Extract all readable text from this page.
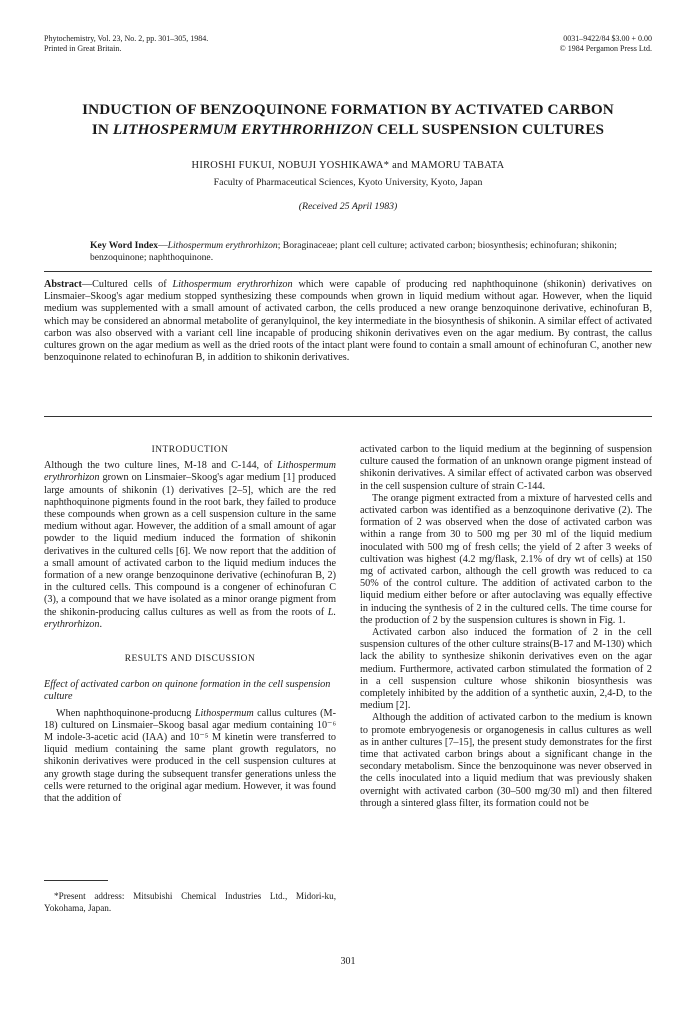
Phytochemistry, Vol. 23, No. 2, pp. 301–305, 1984.
Printed in Great Britain.
0031–9422/84 $3.00 + 0.00
© 1984 Pergamon Press Ltd.
INDUCTION OF BENZOQUINONE FORMATION BY ACTIVATED CARBON
IN LITHOSPERMUM ERYTHRORHIZON CELL SUSPENSION CULTURES
HIROSHI FUKUI, NOBUJI YOSHIKAWA* and MAMORU TABATA
Faculty of Pharmaceutical Sciences, Kyoto University, Kyoto, Japan
(Received 25 April 1983)
Key Word Index—Lithospermum erythrorhizon; Boraginaceae; plant cell culture; activated carbon; biosynthesis; echinofuran; shikonin; benzoquinone; naphthoquinone.
Abstract—Cultured cells of Lithospermum erythrorhizon which were capable of producing red naphthoquinone (shikonin) derivatives on Linsmaier–Skoog's agar medium stopped synthesizing these compounds when grown in liquid medium without agar. However, when the liquid medium was supplemented with a small amount of activated carbon, the cells produced a new orange benzoquinone derivative, echinofuran B, which may be considered an abnormal metabolite of geranylquinol, the key intermediate in the biosynthesis of shikonin. A similar effect of activated carbon was also observed with a variant cell line incapable of producing shikonin derivatives even on the agar medium. By contrast, the callus cultures grown on the agar medium as well as the dried roots of the intact plant were found to contain a small amount of echinofuran C, another new benzoquinone related to echinofuran B, in addition to shikonin derivatives.
INTRODUCTION

Although the two culture lines, M-18 and C-144, of Lithospermum erythrorhizon grown on Linsmaier–Skoog's agar medium [1] produced large amounts of shikonin (1) derivatives [2–5], which are the red naphthoquinone pigments found in the root bark, they failed to produce these compounds when grown as a cell suspension culture in the same medium without agar. However, the addition of a small amount of agar powder to the liquid medium induced the formation of shikonin derivatives in the cultured cells [6]. We now report that the addition of a small amount of activated carbon to the liquid medium induces the formation of a new orange benzoquinone derivative (echinofuran B, 2) in the cultured cells. This compound is a congener of echinofuran C (3), a compound that we have isolated as a minor orange pigment from the shikonin-producing callus cultures as well as from the roots of L. erythrorhizon.

RESULTS AND DISCUSSION
Effect of activated carbon on quinone formation in the cell suspension culture

When naphthoquinone-producng Lithospermum callus cultures (M-18) cultured on Linsmaier–Skoog basal agar medium containing 10⁻⁶ M indole-3-acetic acid (IAA) and 10⁻⁵ M kinetin were transferred to liquid medium containing the same plant growth regulators, no shikonin derivatives were produced in the cell suspension cultures at any growth stage during the subsequent transfer generations unless the cells were returned to the original agar medium. However, it was found that the addition of

*Present address: Mitsubishi Chemical Industries Ltd., Midori-ku, Yokohama, Japan.

activated carbon to the liquid medium at the beginning of suspension culture caused the formation of an unknown orange pigment instead of shikonin derivatives. A similar effect of activated carbon was observed in the cell suspension culture of strain C-144.

The orange pigment extracted from a mixture of harvested cells and activated carbon was identified as a benzoquinone derivative (2). The formation of 2 was observed when the dose of activated carbon was within a range from 30 to 500 mg per 30 ml of the liquid medium inoculated with 500 mg of fresh cells; the yield of 2 after 3 weeks of cultivation was highest (4.2 mg/flask, 2.1% of dry wt of cells) at 150 mg of activated carbon, although the cell growth was reduced to ca 50% of the control culture. The addition of activated carbon to the liquid medium either before or after autoclaving was equally effective in inducing the synthesis of 2 in the cultured cells. The time course for the production of 2 by the suspension cultures is shown in Fig. 1.

Activated carbon also induced the formation of 2 in the cell suspension cultures of the other culture strains(B-17 and M-130) which lack the ability to synthesize shikonin derivatives even on the agar medium. Furthermore, activated carbon stimulated the formation of 2 in a cell suspension culture whose shikonin biosynthesis was completely inhibited by the addition of a synthetic auxin, 2,4-D, to the medium [2].

Although the addition of activated carbon to the medium is known to promote embryogenesis or organogenesis in callus cultures as well as in anther cultures [7–15], the present study demonstrates for the first time that activated carbon brings about a significant change in the secondary metabolism. Since the benzoquinone was never observed in the cells inoculated into a liquid medium that was previously shaken overnight with activated carbon (30–500 mg/30 ml) and then filtered through a sintered glass filter, its formation could not be

301
